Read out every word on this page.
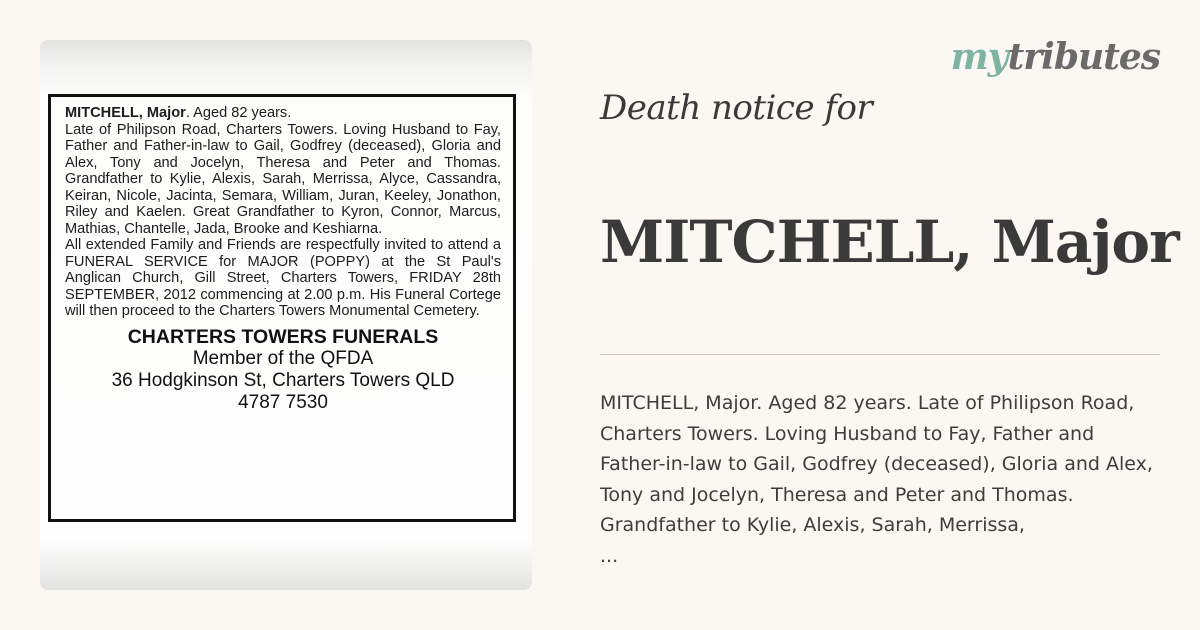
MITCHELL, Major. Aged 82 years.

Late of Philipson Road, Charters Towers. Loving Husband to Fay, Father and Father-in-law to Gail, Godfrey (deceased), Gloria and Alex, Tony and Jocelyn, Theresa and Peter and Thomas. Grandfather to Kylie, Alexis, Sarah, Merrissa, Alyce, Cassandra, Keiran, Nicole, Jacinta, Semara, William, Juran, Keeley, Jonathon, Riley and Kaelen. Great Grandfather to Kyron, Connor, Marcus, Mathias, Chantelle, Jada, Brooke and Keshiarna.

All extended Family and Friends are respectfully invited to attend a FUNERAL SERVICE for MAJOR (POPPY) at the St Paul's Anglican Church, Gill Street, Charters Towers, FRIDAY 28th SEPTEMBER, 2012 commencing at 2.00 p.m. His Funeral Cortege will then proceed to the Charters Towers Monumental Cemetery.

CHARTERS TOWERS FUNERALS
Member of the QFDA
36 Hodgkinson St, Charters Towers QLD
4787 7530
mytributes
Death notice for
MITCHELL, Major

MITCHELL, Major. Aged 82 years. Late of Philipson Road, Charters Towers. Loving Husband to Fay, Father and Father-in-law to Gail, Godfrey (deceased), Gloria and Alex, Tony and Jocelyn, Theresa and Peter and Thomas. Grandfather to Kylie, Alexis, Sarah, Merrissa,
...
